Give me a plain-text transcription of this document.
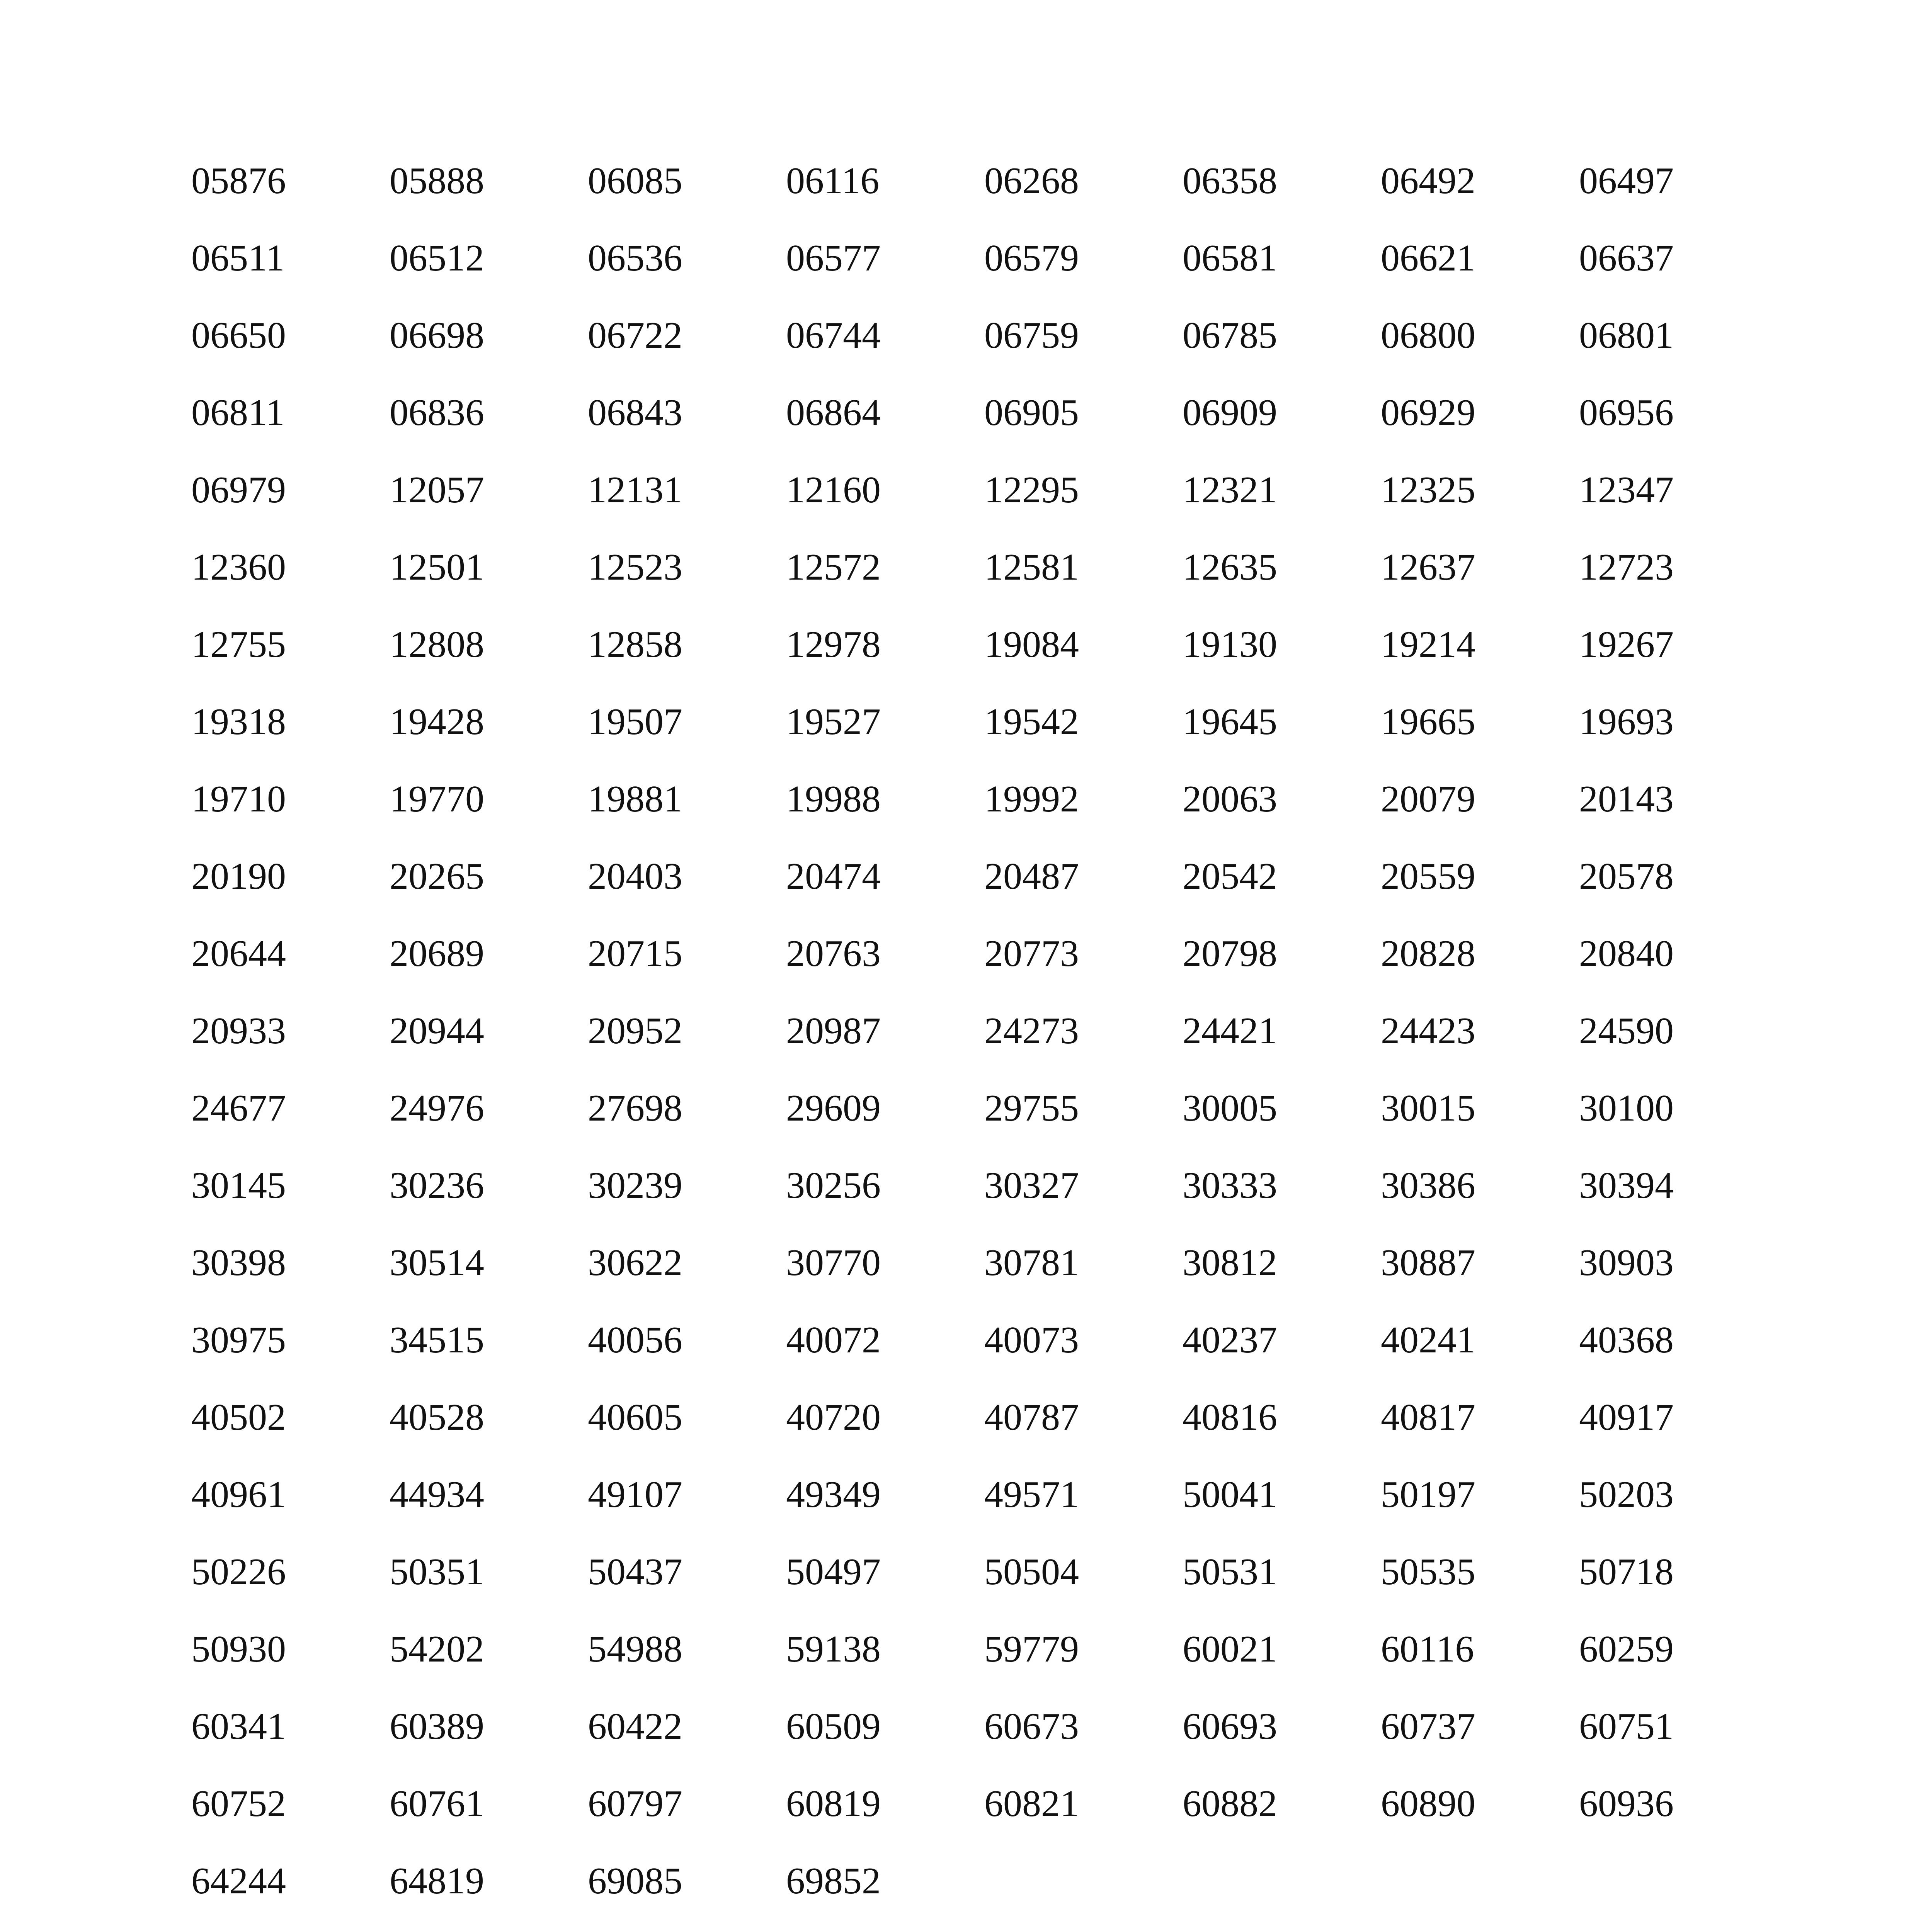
05876	05888	06085	06116	06268	06358	06492	06497
06511	06512	06536	06577	06579	06581	06621	06637
06650	06698	06722	06744	06759	06785	06800	06801
06811	06836	06843	06864	06905	06909	06929	06956
06979	12057	12131	12160	12295	12321	12325	12347
12360	12501	12523	12572	12581	12635	12637	12723
12755	12808	12858	12978	19084	19130	19214	19267
19318	19428	19507	19527	19542	19645	19665	19693
19710	19770	19881	19988	19992	20063	20079	20143
20190	20265	20403	20474	20487	20542	20559	20578
20644	20689	20715	20763	20773	20798	20828	20840
20933	20944	20952	20987	24273	24421	24423	24590
24677	24976	27698	29609	29755	30005	30015	30100
30145	30236	30239	30256	30327	30333	30386	30394
30398	30514	30622	30770	30781	30812	30887	30903
30975	34515	40056	40072	40073	40237	40241	40368
40502	40528	40605	40720	40787	40816	40817	40917
40961	44934	49107	49349	49571	50041	50197	50203
50226	50351	50437	50497	50504	50531	50535	50718
50930	54202	54988	59138	59779	60021	60116	60259
60341	60389	60422	60509	60673	60693	60737	60751
60752	60761	60797	60819	60821	60882	60890	60936
64244	64819	69085	69852
